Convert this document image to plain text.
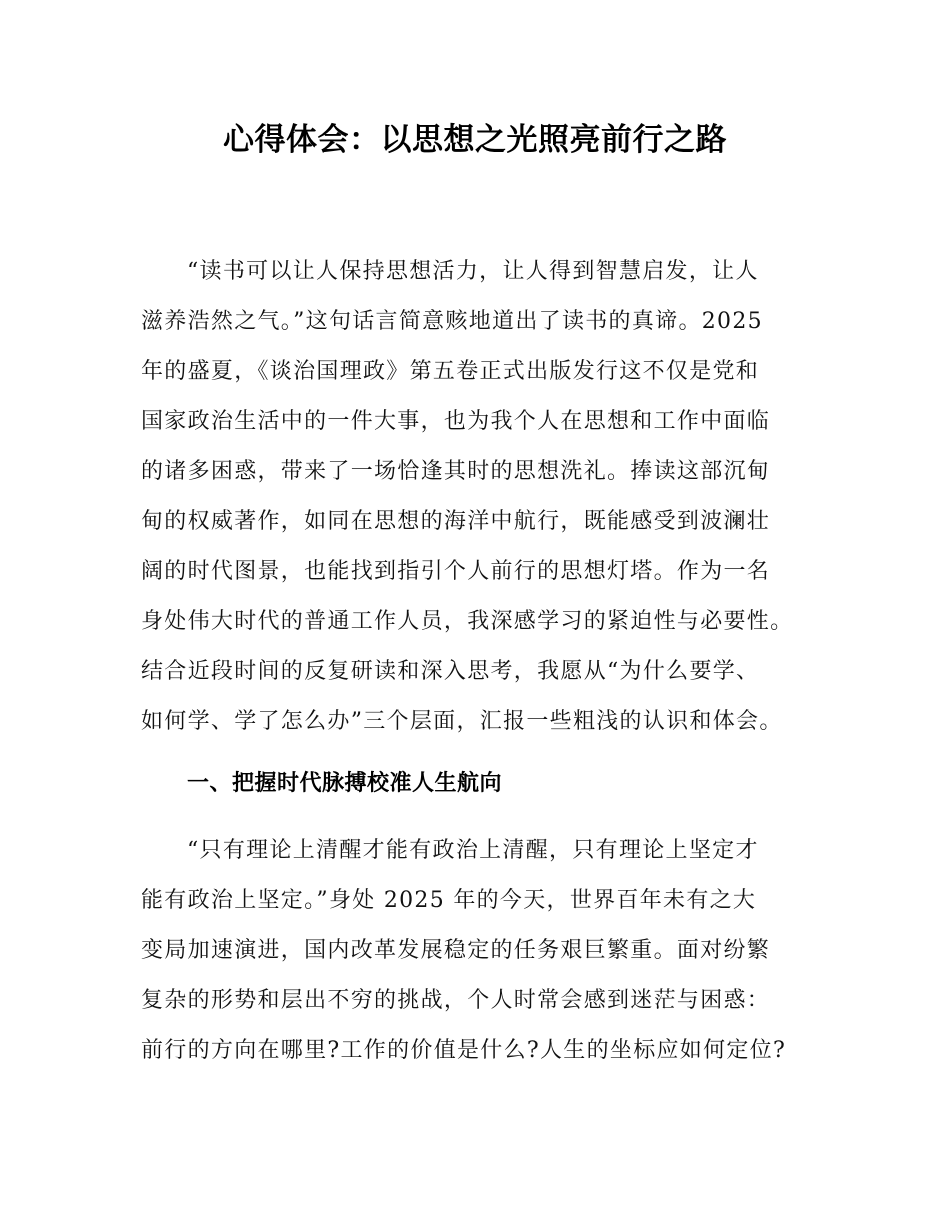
心得体会：以思想之光照亮前行之路
“读书可以让人保持思想活力，让人得到智慧启发，让人
滋养浩然之气。”这句话言简意赅地道出了读书的真谛。2025
年的盛夏，《谈治国理政》第五卷正式出版发行这不仅是党和
国家政治生活中的一件大事，也为我个人在思想和工作中面临
的诸多困惑，带来了一场恰逢其时的思想洗礼。捧读这部沉甸
甸的权威著作，如同在思想的海洋中航行，既能感受到波澜壮
阔的时代图景，也能找到指引个人前行的思想灯塔。作为一名
身处伟大时代的普通工作人员，我深感学习的紧迫性与必要性。
结合近段时间的反复研读和深入思考，我愿从“为什么要学、
如何学、学了怎么办”三个层面，汇报一些粗浅的认识和体会。
一、把握时代脉搏校准人生航向
“只有理论上清醒才能有政治上清醒，只有理论上坚定才
能有政治上坚定。”身处 2025 年的今天，世界百年未有之大
变局加速演进，国内改革发展稳定的任务艰巨繁重。面对纷繁
复杂的形势和层出不穷的挑战，个人时常会感到迷茫与困惑：
前行的方向在哪里?工作的价值是什么?人生的坐标应如何定位?
